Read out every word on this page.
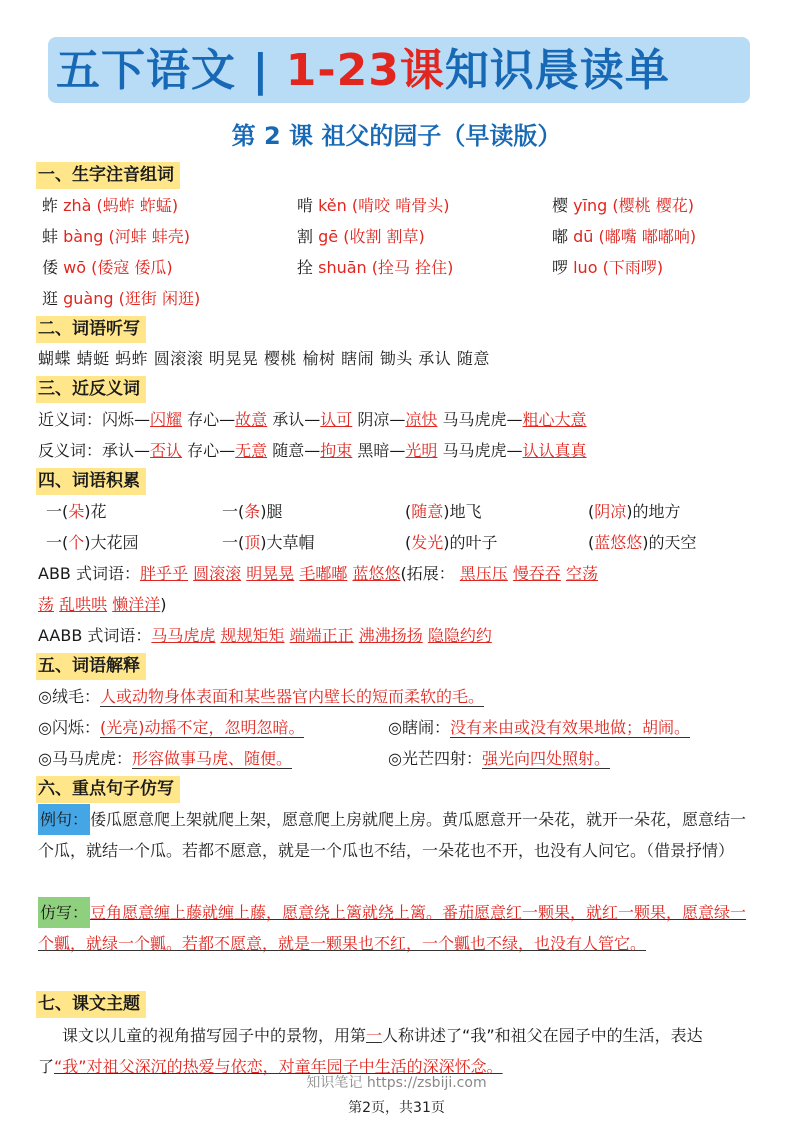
五下语文 | 1-23课知识晨读单
第 2 课 祖父的园子（早读版）
一、生字注音组词
蚱 zhà (蚂蚱 蚱蜢)	啃 kěn (啃咬 啃骨头)	樱 yīng (樱桃 樱花)
蚌 bàng (河蚌 蚌壳)	割 gē (收割 割草)	嘟 dū (嘟嘴 嘟嘟响)
倭 wō (倭寇 倭瓜)	拴 shuān (拴马 拴住)	啰 luo (下雨啰)
逛 guàng (逛街 闲逛)
二、词语听写
蝴蝶 蜻蜓 蚂蚱 圆滚滚 明晃晃 樱桃 榆树 瞎闹 锄头 承认 随意
三、近反义词
近义词：闪烁—闪耀 存心—故意 承认—认可 阴凉—凉快 马马虎虎—粗心大意
反义词：承认—否认 存心—无意 随意—拘束 黑暗—光明 马马虎虎—认认真真
四、词语积累
一(朵)花	一(条)腿	(随意)地飞	(阴凉)的地方
一(个)大花园	一(顶)大草帽	(发光)的叶子	(蓝悠悠)的天空
ABB 式词语：胖乎乎 圆滚滚 明晃晃 毛嘟嘟 蓝悠悠(拓展： 黑压压 慢吞吞 空荡
荡 乱哄哄 懒洋洋)
AABB 式词语：马马虎虎 规规矩矩 端端正正 沸沸扬扬 隐隐约约
五、词语解释
◎绒毛：人或动物身体表面和某些器官内壁长的短而柔软的毛。
◎闪烁：(光亮)动摇不定，忽明忽暗。	◎瞎闹：没有来由或没有效果地做；胡闹。
◎马马虎虎：形容做事马虎、随便。	◎光芒四射：强光向四处照射。
六、重点句子仿写
例句： 倭瓜愿意爬上架就爬上架，愿意爬上房就爬上房。黄瓜愿意开一朵花，就开一朵花，愿意结一个瓜，就结一个瓜。若都不愿意，就是一个瓜也不结，一朵花也不开，也没有人问它。（借景抒情）
仿写： 豆角愿意缠上藤就缠上藤，愿意绕上篱就绕上篱。番茄愿意红一颗果，就红一颗果，愿意绿一个瓤，就绿一个瓤。若都不愿意，就是一颗果也不红，一个瓤也不绿，也没有人管它。
七、课文主题
课文以儿童的视角描写园子中的景物，用第一人称讲述了“我”和祖父在园子中的生活，表达了“我”对祖父深沉的热爱与依恋，对童年园子中生活的深深怀念。
知识笔记 https://zsbiji.com
第2页，共31页
